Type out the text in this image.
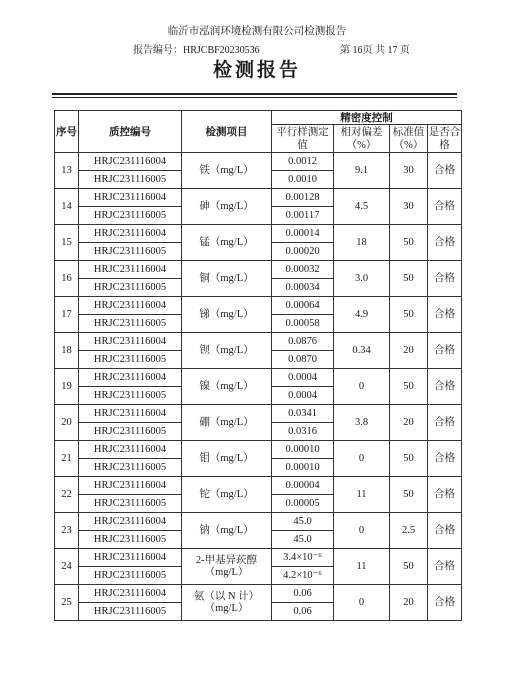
临沂市泓润环境检测有限公司检测报告
报告编号：HRJCBF20230536	第 16页 共 17 页
检测报告
序号	质控编号	检测项目	精密度控制			
			平行样测定值	相对偏差（%）	标准值（%）	是否合格
13	HRJC231116004	铁（mg/L）	0.0012	9.1	30	合格
	HRJC231116005		0.0010			
14	HRJC231116004	砷（mg/L）	0.00128	4.5	30	合格
	HRJC231116005		0.00117			
15	HRJC231116004	锰（mg/L）	0.00014	18	50	合格
	HRJC231116005		0.00020			
16	HRJC231116004	铜（mg/L）	0.00032	3.0	50	合格
	HRJC231116005		0.00034			
17	HRJC231116004	锑（mg/L）	0.00064	4.9	50	合格
	HRJC231116005		0.00058			
18	HRJC231116004	钡（mg/L）	0.0876	0.34	20	合格
	HRJC231116005		0.0870			
19	HRJC231116004	镍（mg/L）	0.0004	0	50	合格
	HRJC231116005		0.0004			
20	HRJC231116004	硼（mg/L）	0.0341	3.8	20	合格
	HRJC231116005		0.0316			
21	HRJC231116004	钼（mg/L）	0.00010	0	50	合格
	HRJC231116005		0.00010			
22	HRJC231116004	铊（mg/L）	0.00004	11	50	合格
	HRJC231116005		0.00005			
23	HRJC231116004	钠（mg/L）	45.0	0	2.5	合格
	HRJC231116005		45.0			
24	HRJC231116004	2-甲基异莰醇（mg/L）	3.4×10⁻⁶	11	50	合格
	HRJC231116005		4.2×10⁻⁶			
25	HRJC231116004	氨（以 N 计）（mg/L）	0.06	0	20	合格
	HRJC231116005		0.06			
